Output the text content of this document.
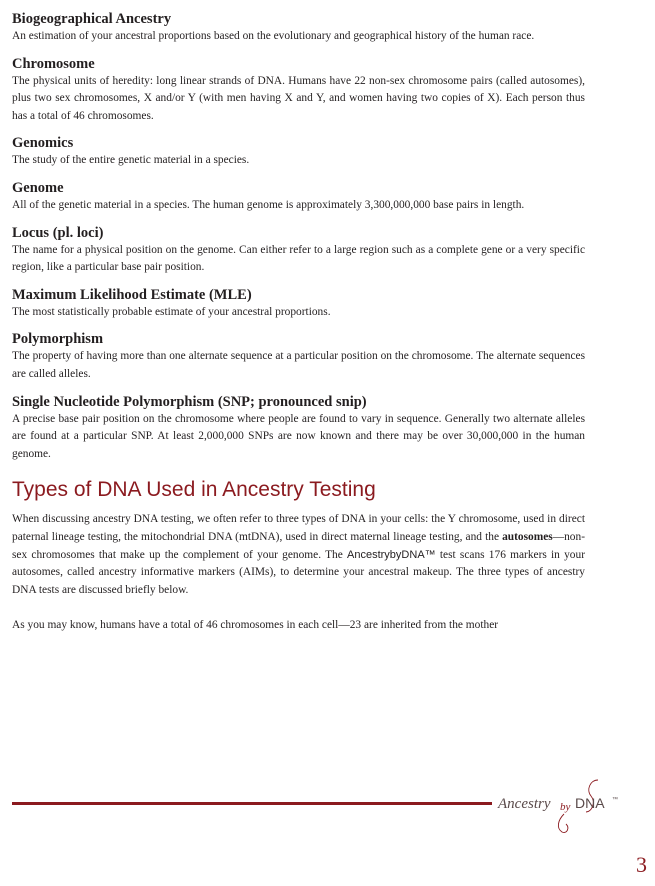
Biogeographical Ancestry

An estimation of your ancestral proportions based on the evolutionary and geographical history of the human race.

Chromosome

The physical units of heredity: long linear strands of DNA. Humans have 22 non-sex chromosome pairs (called autosomes), plus two sex chromosomes, X and/or Y (with men having X and Y, and women having two copies of X). Each person thus has a total of 46 chromosomes.

Genomics

The study of the entire genetic material in a species.

Genome

All of the genetic material in a species. The human genome is approximately 3,300,000,000 base pairs in length.

Locus (pl. loci)

The name for a physical position on the genome. Can either refer to a large region such as a complete gene or a very specific region, like a particular base pair position.

Maximum Likelihood Estimate (MLE)

The most statistically probable estimate of your ancestral proportions.

Polymorphism

The property of having more than one alternate sequence at a particular position on the chromosome. The alternate sequences are called alleles.

Single Nucleotide Polymorphism (SNP; pronounced snip)

A precise base pair position on the chromosome where people are found to vary in sequence. Generally two alternate alleles are found at a particular SNP. At least 2,000,000 SNPs are now known and there may be over 30,000,000 in the human genome.

Types of DNA Used in Ancestry Testing

When discussing ancestry DNA testing, we often refer to three types of DNA in your cells: the Y chromosome, used in direct paternal lineage testing, the mitochondrial DNA (mtDNA), used in direct maternal lineage testing, and the autosomes—non-sex chromosomes that make up the complement of your genome. The AncestrybyDNA™ test scans 176 markers in your autosomes, called ancestry informative markers (AIMs), to determine your ancestral makeup. The three types of ancestry DNA tests are discussed briefly below.

As you may know, humans have a total of 46 chromosomes in each cell—23 are inherited from the mother

Ancestry by DNA ™
3
